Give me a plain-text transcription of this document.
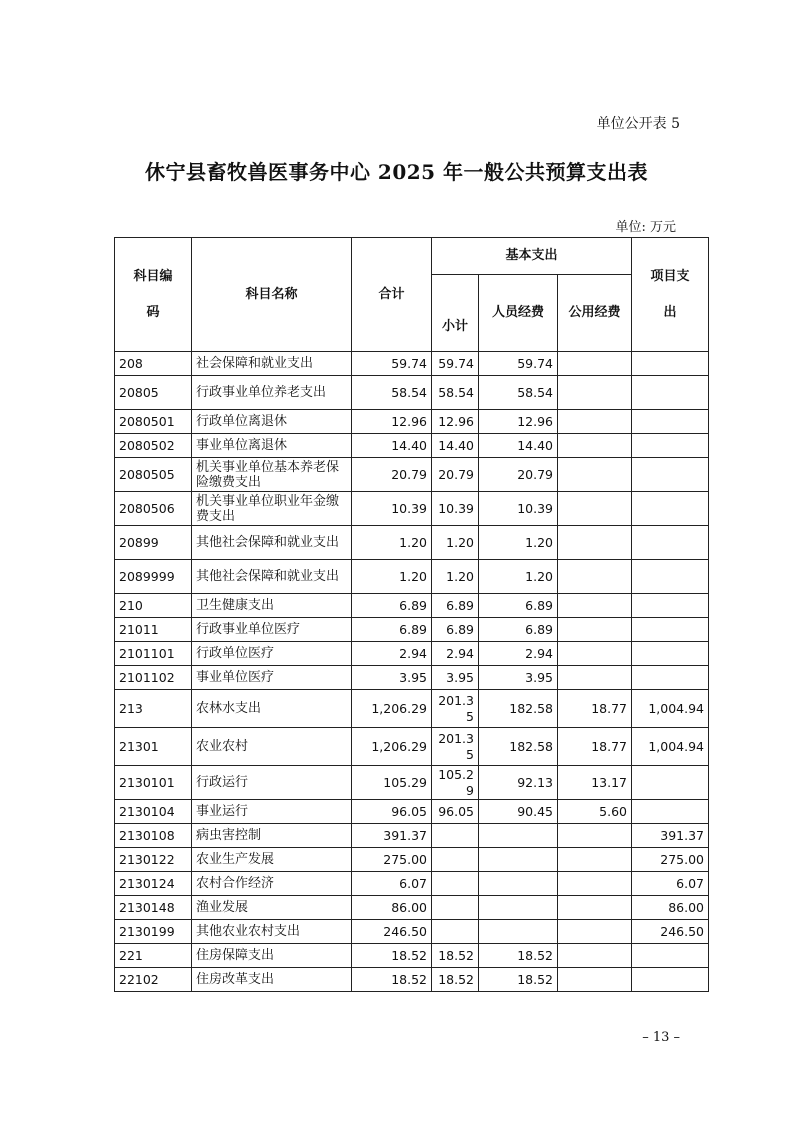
单位公开表 5
休宁县畜牧兽医事务中心 2025 年一般公共预算支出表
单位: 万元
科目编码	科目名称	合计	基本支出			项目支出

			小计	人员经费	公用经费	

208	社会保障和就业支出	59.74	59.74	59.74		
20805	行政事业单位养老支出	58.54	58.54	58.54		
2080501	行政单位离退休	12.96	12.96	12.96		
2080502	事业单位离退休	14.40	14.40	14.40		
2080505	机关事业单位基本养老保险缴费支出	20.79	20.79	20.79		
2080506	机关事业单位职业年金缴费支出	10.39	10.39	10.39		
20899	其他社会保障和就业支出	1.20	1.20	1.20		
2089999	其他社会保障和就业支出	1.20	1.20	1.20		
210	卫生健康支出	6.89	6.89	6.89		
21011	行政事业单位医疗	6.89	6.89	6.89		
2101101	行政单位医疗	2.94	2.94	2.94		
2101102	事业单位医疗	3.95	3.95	3.95		
213	农林水支出	1,206.29	201.35	182.58	18.77	1,004.94
21301	农业农村	1,206.29	201.35	182.58	18.77	1,004.94
2130101	行政运行	105.29	105.29	92.13	13.17	
2130104	事业运行	96.05	96.05	90.45	5.60	
2130108	病虫害控制	391.37				391.37
2130122	农业生产发展	275.00				275.00
2130124	农村合作经济	6.07				6.07
2130148	渔业发展	86.00				86.00
2130199	其他农业农村支出	246.50				246.50
221	住房保障支出	18.52	18.52	18.52		
22102	住房改革支出	18.52	18.52	18.52		
– 13 –
